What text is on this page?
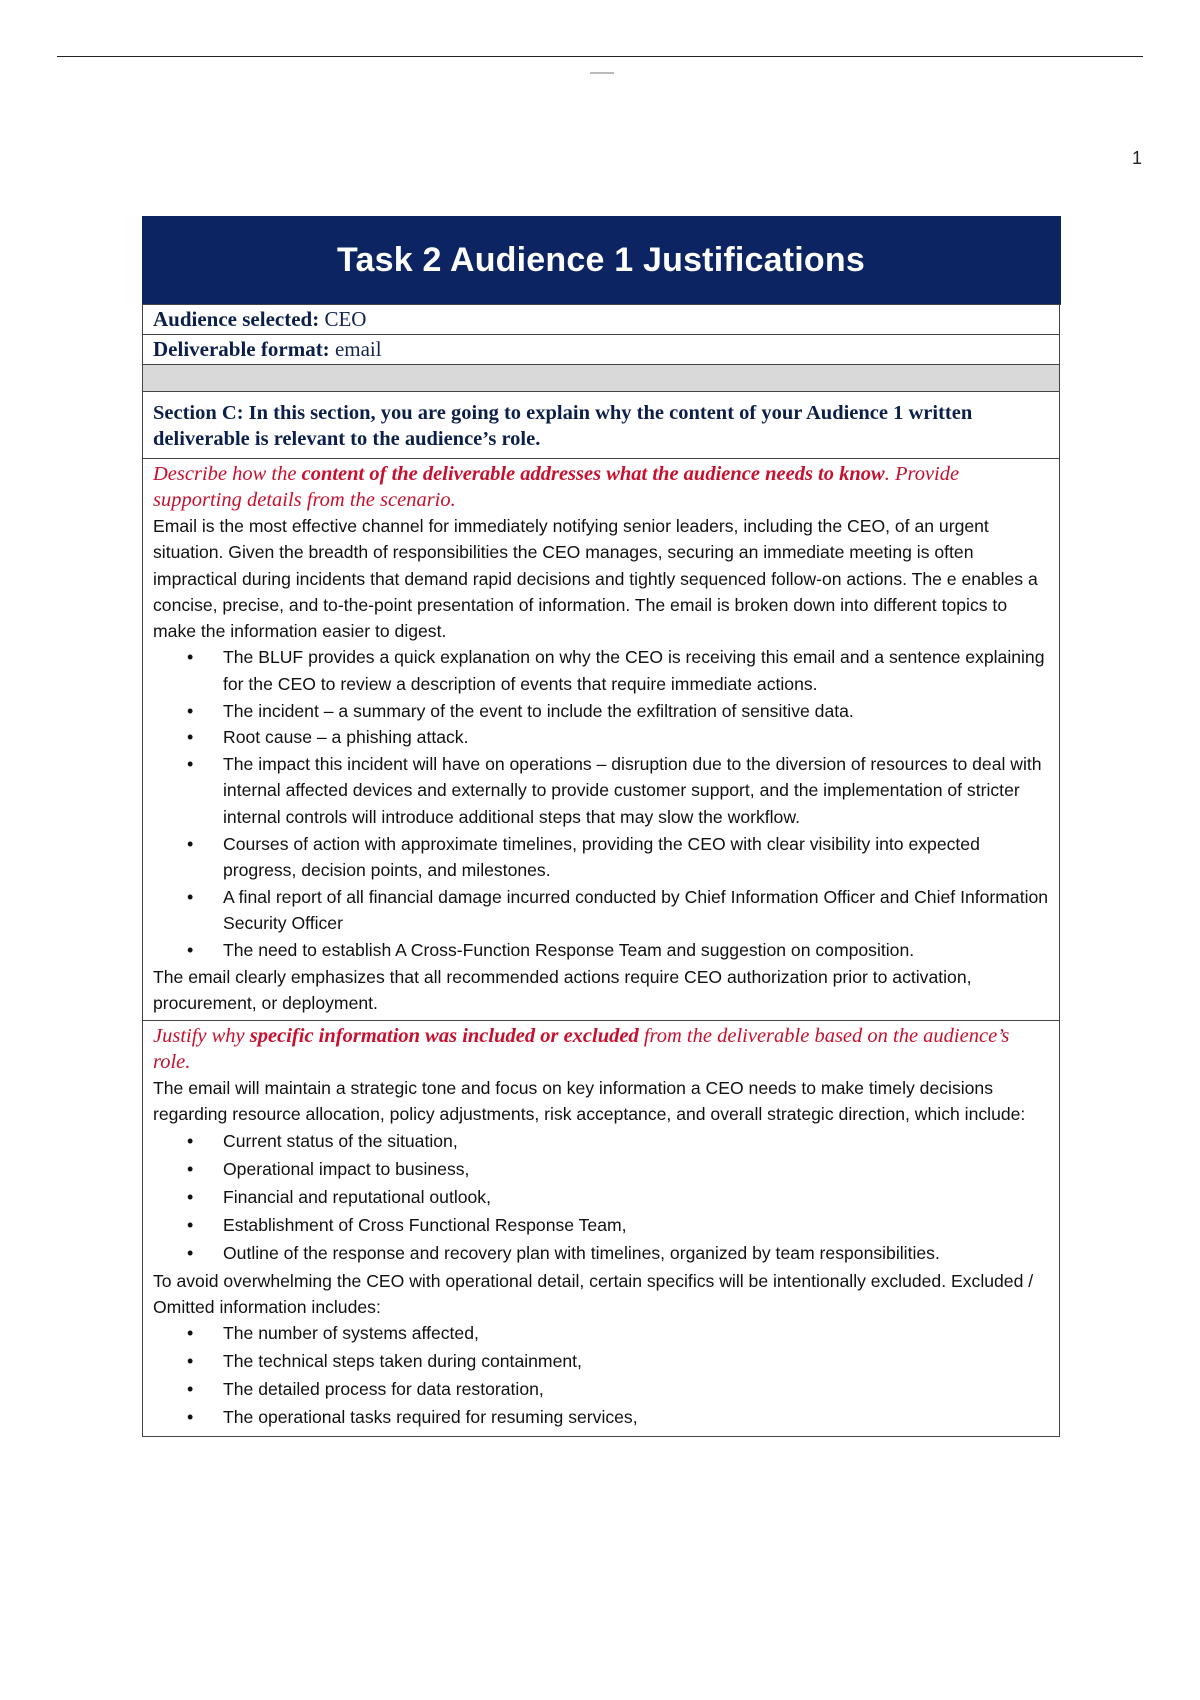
1
Task 2 Audience 1 Justifications
Audience selected: CEO
Deliverable format: email
Section C: In this section, you are going to explain why the content of your Audience 1 written deliverable is relevant to the audience’s role.

Describe how the content of the deliverable addresses what the audience needs to know. Provide supporting details from the scenario.

Email is the most effective channel for immediately notifying senior leaders, including the CEO, of an urgent situation. Given the breadth of responsibilities the CEO manages, securing an immediate meeting is often impractical during incidents that demand rapid decisions and tightly sequenced follow-on actions. The e enables a concise, precise, and to-the-point presentation of information. The email is broken down into different topics to make the information easier to digest.

• The BLUF provides a quick explanation on why the CEO is receiving this email and a sentence explaining for the CEO to review a description of events that require immediate actions.
• The incident – a summary of the event to include the exfiltration of sensitive data.
• Root cause – a phishing attack.
• The impact this incident will have on operations – disruption due to the diversion of resources to deal with internal affected devices and externally to provide customer support, and the implementation of stricter internal controls will introduce additional steps that may slow the workflow.
• Courses of action with approximate timelines, providing the CEO with clear visibility into expected progress, decision points, and milestones.
• A final report of all financial damage incurred conducted by Chief Information Officer and Chief Information Security Officer
• The need to establish A Cross-Function Response Team and suggestion on composition.

The email clearly emphasizes that all recommended actions require CEO authorization prior to activation, procurement, or deployment.

Justify why specific information was included or excluded from the deliverable based on the audience’s role.

The email will maintain a strategic tone and focus on key information a CEO needs to make timely decisions regarding resource allocation, policy adjustments, risk acceptance, and overall strategic direction, which include:

• Current status of the situation,
• Operational impact to business,
• Financial and reputational outlook,
• Establishment of Cross Functional Response Team,
• Outline of the response and recovery plan with timelines, organized by team responsibilities.

To avoid overwhelming the CEO with operational detail, certain specifics will be intentionally excluded. Excluded / Omitted information includes:

• The number of systems affected,
• The technical steps taken during containment,
• The detailed process for data restoration,
• The operational tasks required for resuming services,
